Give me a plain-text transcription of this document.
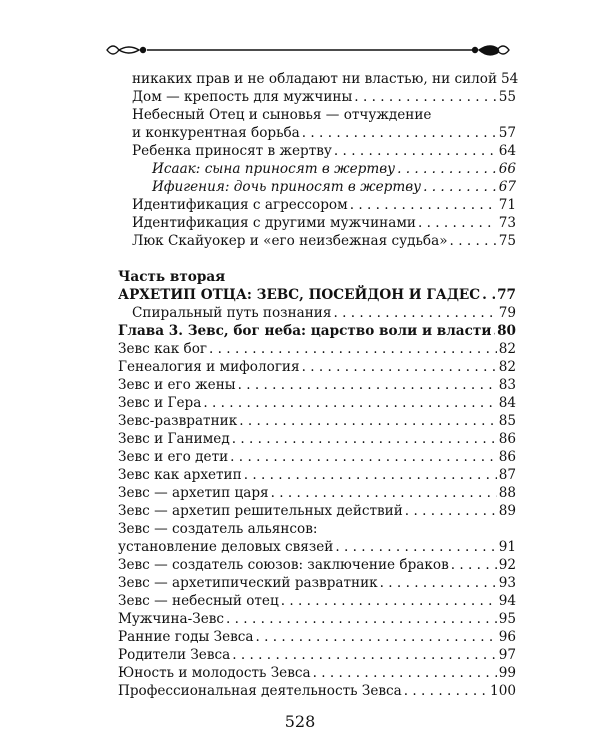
никаких прав и не обладают ни властью, ни силой 54
Дом — крепость для мужчины . . .	55
Небесный Отец и сыновья — отчуждение
и конкурентная борьба . . .	57
Ребенка приносят в жертву . . .	64
Исаак: сына приносят в жертву . . .	66
Ифигения: дочь приносят в жертву . . .	67
Идентификация с агрессором . . .	71
Идентификация с другими мужчинами . . .	73
Люк Скайуокер и «его неизбежная судьба» . . .	75
Часть вторая
АРХЕТИП ОТЦА: ЗЕВС, ПОСЕЙДОН И ГАДЕС . . . 77
Спиральный путь познания . . .	79
Глава 3. Зевс, бог неба: царство воли и власти . . . 80
Зевс как бог . . .	82
Генеалогия и мифология . . .	82
Зевс и его жены . . .	83
Зевс и Гера . . .	84
Зевс-развратник . . .	85
Зевс и Ганимед . . .	86
Зевс и его дети . . .	86
Зевс как архетип . . .	87
Зевс — архетип царя . . .	88
Зевс — архетип решительных действий . . .	89
Зевс — создатель альянсов:
установление деловых связей . . .	91
Зевс — создатель союзов: заключение браков . . .	92
Зевс — архетипический развратник . . .	93
Зевс — небесный отец . . .	94
Мужчина-Зевс . . .	95
Ранние годы Зевса . . .	96
Родители Зевса . . .	97
Юность и молодость Зевса . . .	99
Профессиональная деятельность Зевса . . .	100
528
